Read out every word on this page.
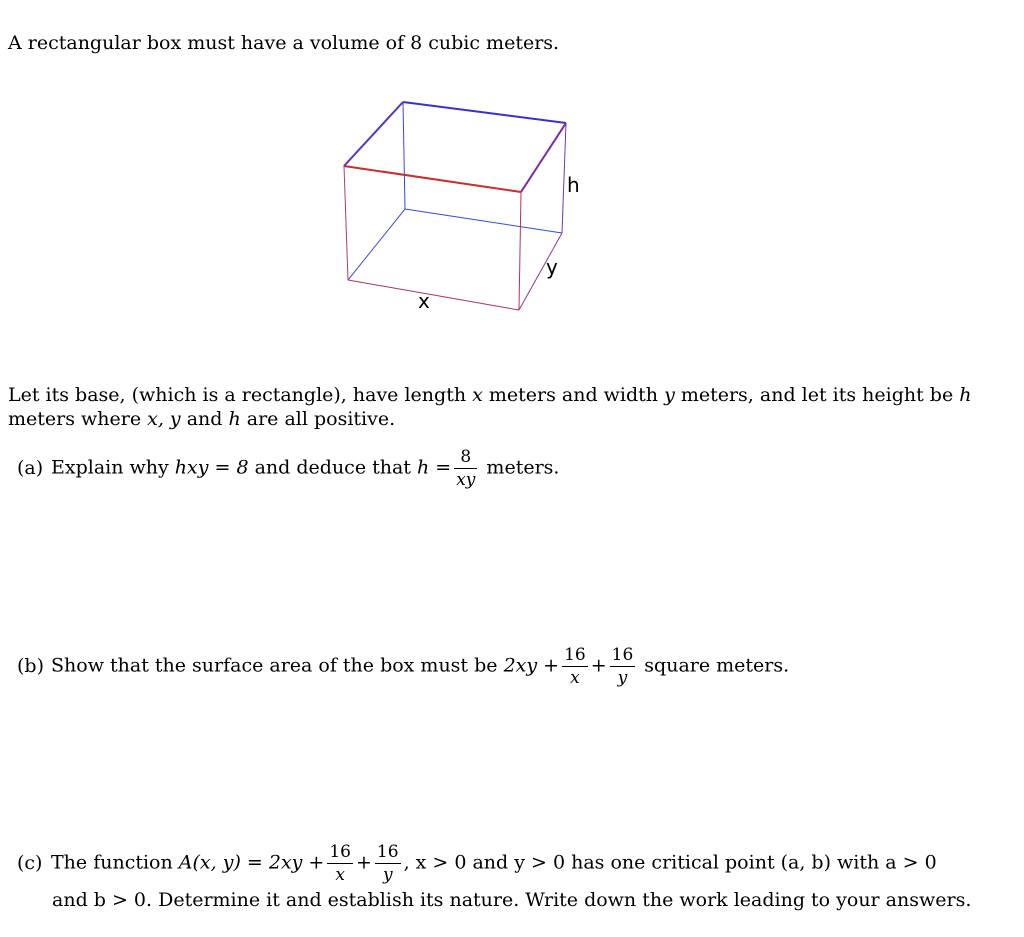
A rectangular box must have a volume of 8 cubic meters.
x
y
h
Let its base, (which is a rectangle), have length x meters and width y meters, and let its height be h
meters where x, y and h are all positive.
(a) Explain why hxy = 8 and deduce that $h = \frac{8}{xy}$ meters.
(b) Show that the surface area of the box must be $2xy + \frac{16}{x} + \frac{16}{y}$ square meters.
(c) The function A(x, $y) = 2xy + \frac{16}{x} + \frac{16}{y}$ , x > 0 and y > 0 has one critical point (a, b) with a > 0
and b > 0. Determine it and establish its nature. Write down the work leading to your answers.
